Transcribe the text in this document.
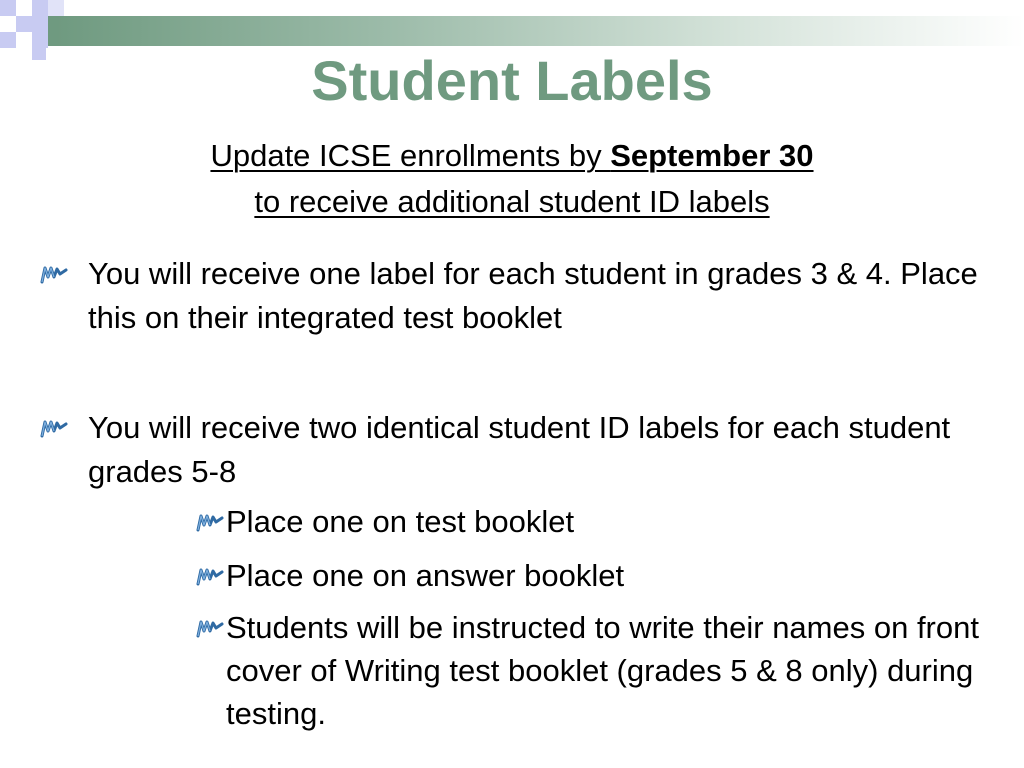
Student Labels
Update ICSE enrollments by September 30
to receive additional student ID labels
You will receive one label for each student in grades 3 & 4. Place this on their integrated test booklet
You will receive two identical student ID labels for each student grades 5-8
Place one on test booklet
Place one on answer booklet
Students will be instructed to write their names on front cover of Writing test booklet (grades 5 & 8 only) during testing.
